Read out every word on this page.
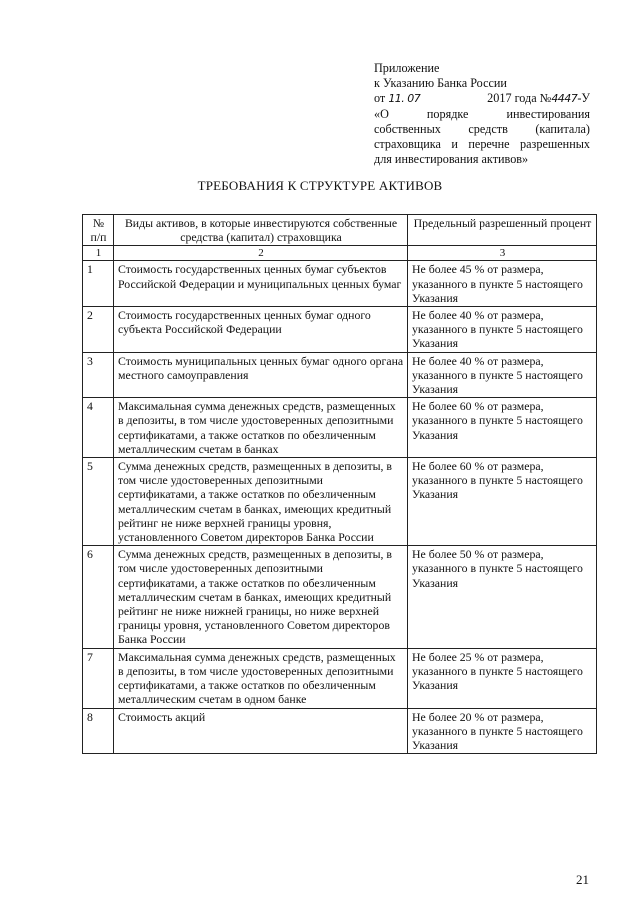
Приложение
к Указанию Банка России
от 11. 07	2017 года №4447-У
«О порядке инвестирования
собственных средств (капитала)
страховщика и перечне разрешенных
для инвестирования активов»
ТРЕБОВАНИЯ К СТРУКТУРЕ АКТИВОВ
№ п/п	Виды активов, в которые инвестируются собственные средства (капитал) страховщика	Предельный разрешенный процент
1	2	3
1	Стоимость государственных ценных бумаг субъектов Российской Федерации и муниципальных ценных бумаг	Не более 45 % от размера, указанного в пункте 5 настоящего Указания
2	Стоимость государственных ценных бумаг одного субъекта Российской Федерации	Не более 40 % от размера, указанного в пункте 5 настоящего Указания
3	Стоимость муниципальных ценных бумаг одного органа местного самоуправления	Не более 40 % от размера, указанного в пункте 5 настоящего Указания
4	Максимальная сумма денежных средств, размещенных в депозиты, в том числе удостоверенных депозитными сертификатами, а также остатков по обезличенным металлическим счетам в банках	Не более 60 % от размера, указанного в пункте 5 настоящего Указания
5	Сумма денежных средств, размещенных в депозиты, в том числе удостоверенных депозитными сертификатами, а также остатков по обезличенным металлическим счетам в банках, имеющих кредитный рейтинг не ниже верхней границы уровня, установленного Советом директоров Банка России	Не более 60 % от размера, указанного в пункте 5 настоящего Указания
6	Сумма денежных средств, размещенных в депозиты, в том числе удостоверенных депозитными сертификатами, а также остатков по обезличенным металлическим счетам в банках, имеющих кредитный рейтинг не ниже нижней границы, но ниже верхней границы уровня, установленного Советом директоров Банка России	Не более 50 % от размера, указанного в пункте 5 настоящего Указания
7	Максимальная сумма денежных средств, размещенных в депозиты, в том числе удостоверенных депозитными сертификатами, а также остатков по обезличенным металлическим счетам в одном банке	Не более 25 % от размера, указанного в пункте 5 настоящего Указания
8	Стоимость акций	Не более 20 % от размера, указанного в пункте 5 настоящего Указания
21
